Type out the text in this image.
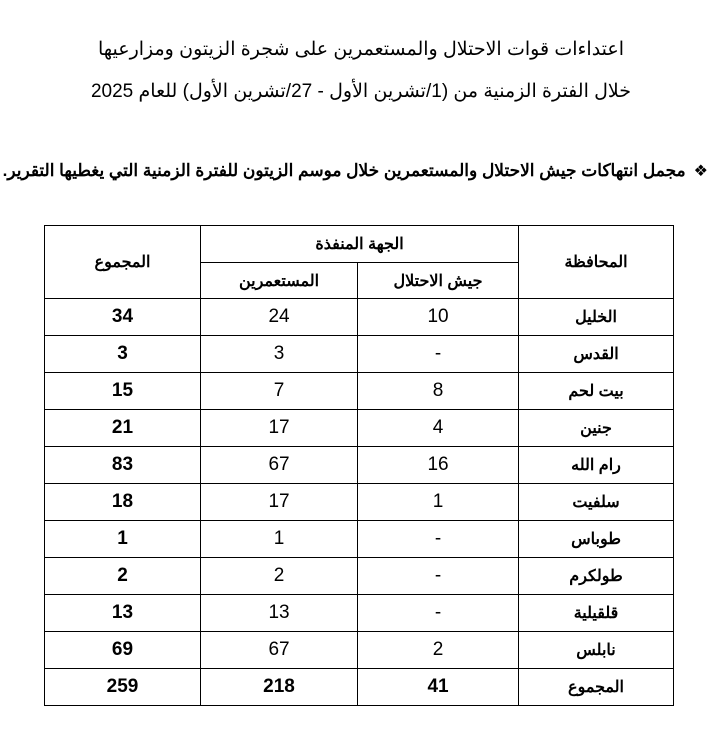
اعتداءات قوات الاحتلال والمستعمرين على شجرة الزيتون ومزارعيها
خلال الفترة الزمنية من (1/تشرين الأول - 27/تشرين الأول) للعام 2025
❖مجمل انتهاكات جيش الاحتلال والمستعمرين خلال موسم الزيتون للفترة الزمنية التي يغطيها التقرير.
المحافظة	الجهة المنفذة		المجموع
	جيش الاحتلال	المستعمرين	
الخليل	10	24	34
القدس	-	3	3
بيت لحم	8	7	15
جنين	4	17	21
رام الله	16	67	83
سلفيت	1	17	18
طوباس	-	1	1
طولكرم	-	2	2
قلقيلية	-	13	13
نابلس	2	67	69
المجموع	41	218	259
